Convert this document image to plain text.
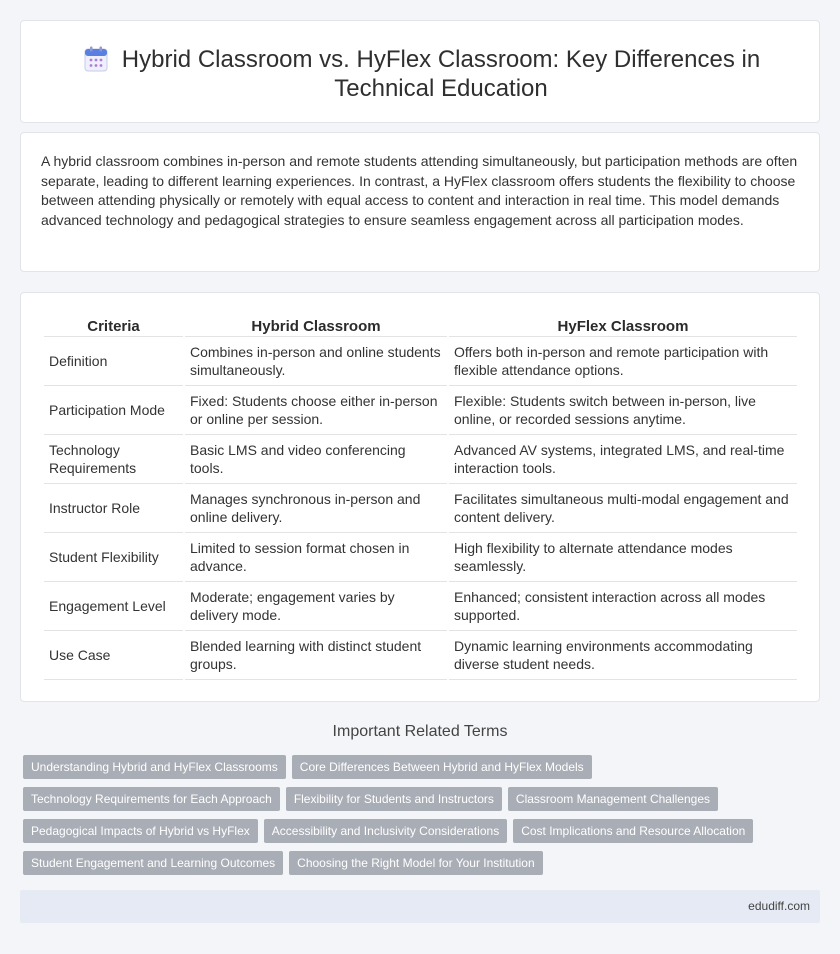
Hybrid Classroom vs. HyFlex Classroom: Key Differences in
Technical Education

A hybrid classroom combines in-person and remote students attending simultaneously, but participation methods are often separate, leading to different learning experiences. In contrast, a HyFlex classroom offers students the flexibility to choose between attending physically or remotely with equal access to content and interaction in real time. This model demands advanced technology and pedagogical strategies to ensure seamless engagement across all participation modes.

Criteria	Hybrid Classroom	HyFlex Classroom
Definition	Combines in-person and online students simultaneously.	Offers both in-person and remote participation with flexible attendance options.
Participation Mode	Fixed: Students choose either in-person or online per session.	Flexible: Students switch between in-person, live online, or recorded sessions anytime.
Technology Requirements	Basic LMS and video conferencing tools.	Advanced AV systems, integrated LMS, and real-time interaction tools.
Instructor Role	Manages synchronous in-person and online delivery.	Facilitates simultaneous multi-modal engagement and content delivery.
Student Flexibility	Limited to session format chosen in advance.	High flexibility to alternate attendance modes seamlessly.
Engagement Level	Moderate; engagement varies by delivery mode.	Enhanced; consistent interaction across all modes supported.
Use Case	Blended learning with distinct student groups.	Dynamic learning environments accommodating diverse student needs.
Important Related Terms
Understanding Hybrid and HyFlex Classrooms	Core Differences Between Hybrid and HyFlex Models
Technology Requirements for Each Approach	Flexibility for Students and Instructors	Classroom Management Challenges
Pedagogical Impacts of Hybrid vs HyFlex	Accessibility and Inclusivity Considerations	Cost Implications and Resource Allocation
Student Engagement and Learning Outcomes	Choosing the Right Model for Your Institution
edudiff.com
